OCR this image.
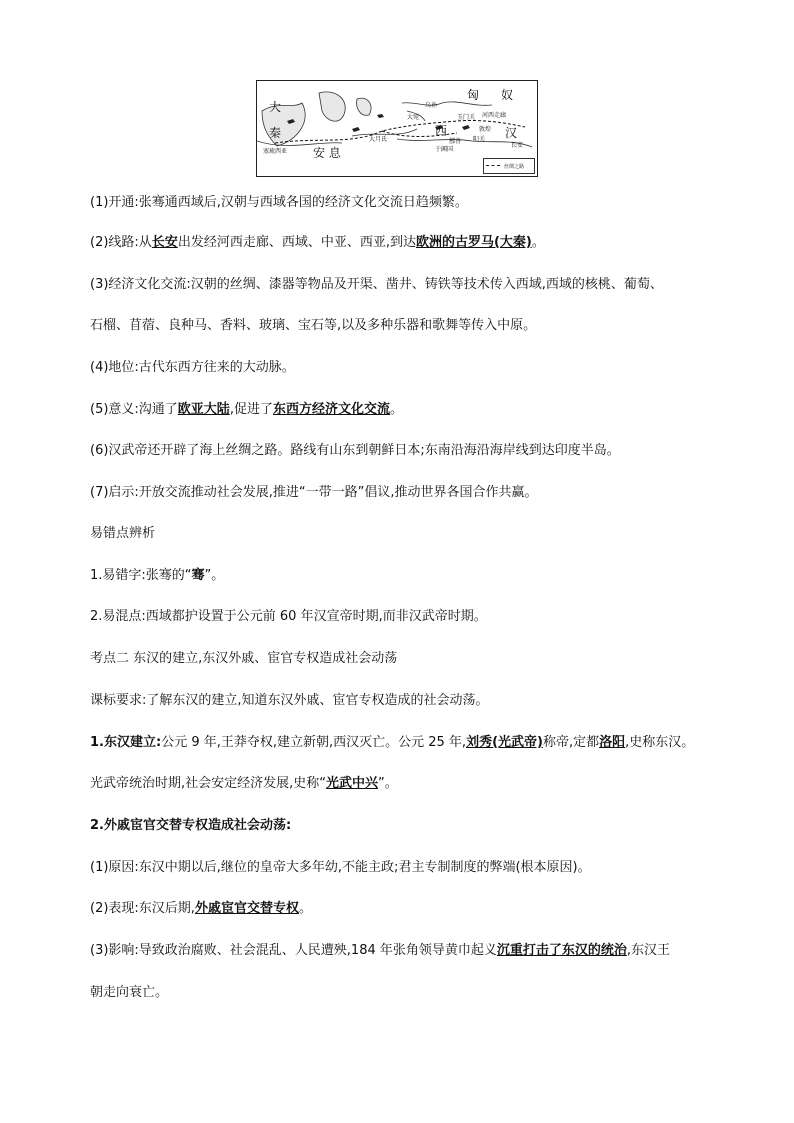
匈 奴
大
秦
安 息
西	汉
河西走廊
玉门关
敦煌
阳关
鄯善
于阗国
长安
大宛
大月氏
塞琉西亚
乌孙
丝绸之路
(1)开通:张骞通西域后,汉朝与西域各国的经济文化交流日趋频繁。
(2)线路:从长安出发经河西走廊、西域、中亚、西亚,到达欧洲的古罗马(大秦)。
(3)经济文化交流:汉朝的丝绸、漆器等物品及开渠、凿井、铸铁等技术传入西域,西域的核桃、葡萄、
石榴、苜蓿、良种马、香料、玻璃、宝石等,以及多种乐器和歌舞等传入中原。
(4)地位:古代东西方往来的大动脉。
(5)意义:沟通了欧亚大陆,促进了东西方经济文化交流。
(6)汉武帝还开辟了海上丝绸之路。路线有山东到朝鲜日本;东南沿海沿海岸线到达印度半岛。
(7)启示:开放交流推动社会发展,推进“一带一路”倡议,推动世界各国合作共赢。
易错点辨析
1.易错字:张骞的“骞”。
2.易混点:西域都护设置于公元前 60 年汉宣帝时期,而非汉武帝时期。
考点二 东汉的建立,东汉外戚、宦官专权造成社会动荡
课标要求:了解东汉的建立,知道东汉外戚、宦官专权造成的社会动荡。
1.东汉建立:公元 9 年,王莽夺权,建立新朝,西汉灭亡。公元 25 年,刘秀(光武帝)称帝,定都洛阳,史称东汉。
光武帝统治时期,社会安定经济发展,史称“光武中兴”。
2.外戚宦官交替专权造成社会动荡:
(1)原因:东汉中期以后,继位的皇帝大多年幼,不能主政;君主专制制度的弊端(根本原因)。
(2)表现:东汉后期,外戚宦官交替专权。
(3)影响:导致政治腐败、社会混乱、人民遭殃,184 年张角领导黄巾起义沉重打击了东汉的统治,东汉王
朝走向衰亡。
